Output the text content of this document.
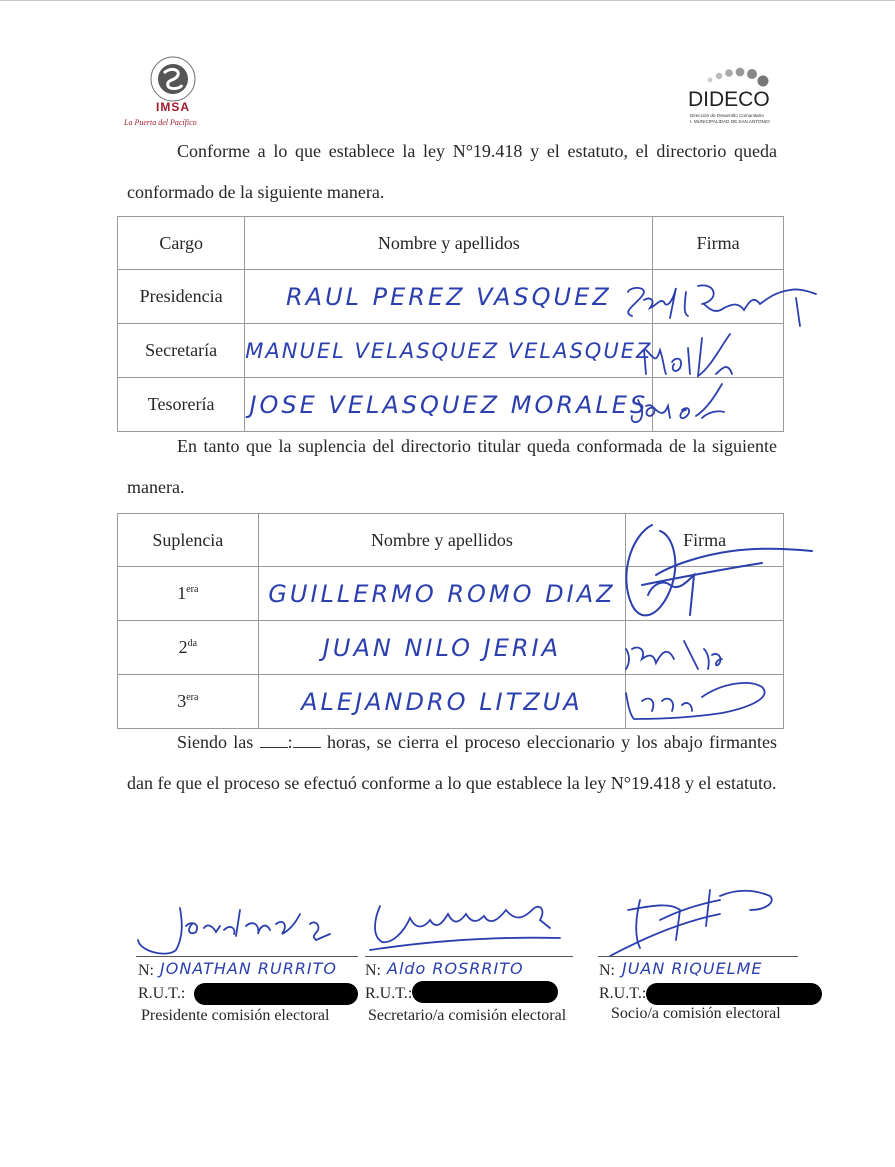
IMSA
La Puerta del Pacífico
DIDECO
Dirección de Desarrollo Comunitario
I. MUNICIPALIDAD DE SAN ANTONIO
Conforme a lo que establece la ley N°19.418 y el estatuto, el directorio queda conformado de la siguiente manera.
Cargo	Nombre y apellidos	Firma
Presidencia	RAUL PEREZ VASQUEZ	
Secretaría	MANUEL VELASQUEZ VELASQUEZ	
Tesorería	JOSE VELASQUEZ MORALES	
En tanto que la suplencia del directorio titular queda conformada de la siguiente manera.
Suplencia	Nombre y apellidos	Firma
$1^{era}$	GUILLERMO ROMO DIAZ	
$2^{da}$	JUAN NILO JERIA	
$3^{era}$	ALEJANDRO LITZUA	
Siendo las : horas, se cierra el proceso eleccionario y los abajo firmantes dan fe que el proceso se efectuó conforme a lo que establece la ley N°19.418 y el estatuto.
N: JONATHAN RURRITO
R.U.T.:
Presidente comisión electoral
N: Aldo ROSRRITO
R.U.T.:
Secretario/a comisión electoral
N: JUAN RIQUELME
R.U.T.:
Socio/a comisión electoral
